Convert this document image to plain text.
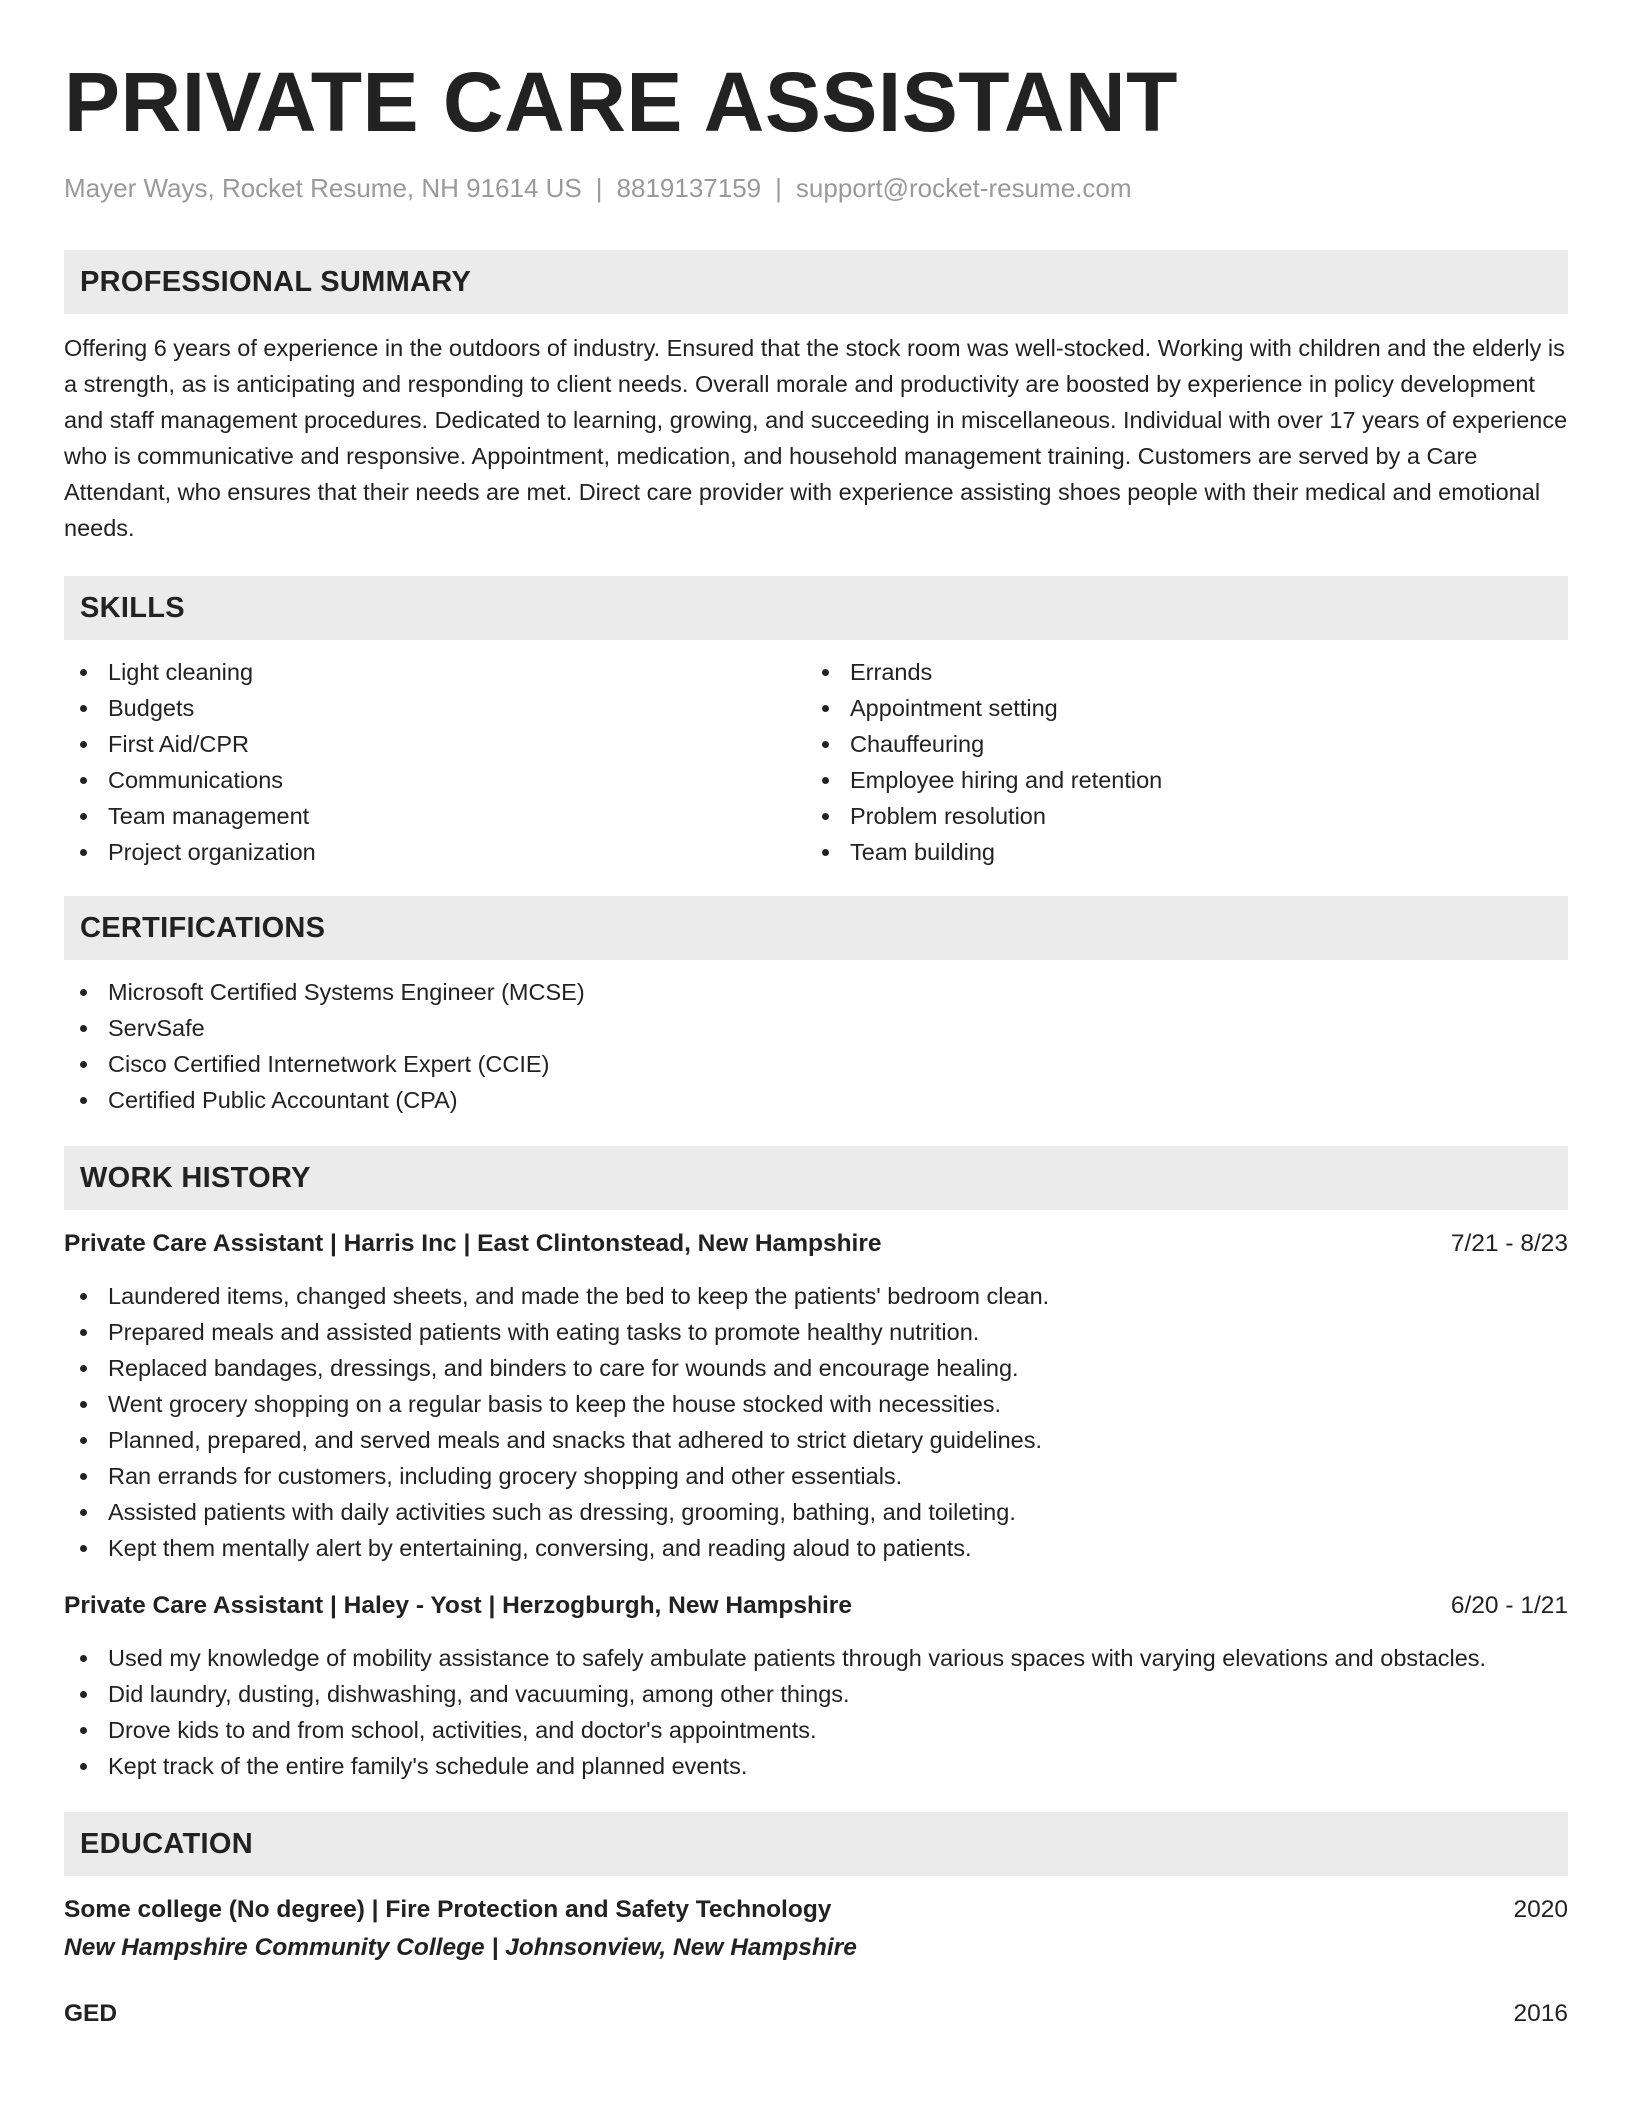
PRIVATE CARE ASSISTANT
Mayer Ways, Rocket Resume, NH 91614 US | 8819137159 | support@rocket-resume.com
PROFESSIONAL SUMMARY

Offering 6 years of experience in the outdoors of industry. Ensured that the stock room was well-stocked. Working with children and the elderly is a strength, as is anticipating and responding to client needs. Overall morale and productivity are boosted by experience in policy development and staff management procedures. Dedicated to learning, growing, and succeeding in miscellaneous. Individual with over 17 years of experience who is communicative and responsive. Appointment, medication, and household management training. Customers are served by a Care Attendant, who ensures that their needs are met. Direct care provider with experience assisting shoes people with their medical and emotional needs.

SKILLS
Light cleaning
Budgets
First Aid/CPR
Communications
Team management
Project organization
Errands
Appointment setting
Chauffeuring
Employee hiring and retention
Problem resolution
Team building
CERTIFICATIONS
Microsoft Certified Systems Engineer (MCSE)
ServSafe
Cisco Certified Internetwork Expert (CCIE)
Certified Public Accountant (CPA)
WORK HISTORY
Private Care Assistant | Harris Inc | East Clintonstead, New Hampshire	7/21 - 8/23
Laundered items, changed sheets, and made the bed to keep the patients' bedroom clean.
Prepared meals and assisted patients with eating tasks to promote healthy nutrition.
Replaced bandages, dressings, and binders to care for wounds and encourage healing.
Went grocery shopping on a regular basis to keep the house stocked with necessities.
Planned, prepared, and served meals and snacks that adhered to strict dietary guidelines.
Ran errands for customers, including grocery shopping and other essentials.
Assisted patients with daily activities such as dressing, grooming, bathing, and toileting.
Kept them mentally alert by entertaining, conversing, and reading aloud to patients.
Private Care Assistant | Haley - Yost | Herzogburgh, New Hampshire	6/20 - 1/21
Used my knowledge of mobility assistance to safely ambulate patients through various spaces with varying elevations and obstacles.
Did laundry, dusting, dishwashing, and vacuuming, among other things.
Drove kids to and from school, activities, and doctor's appointments.
Kept track of the entire family's schedule and planned events.
EDUCATION
Some college (No degree) | Fire Protection and Safety Technology	2020
New Hampshire Community College | Johnsonview, New Hampshire
GED	2016
